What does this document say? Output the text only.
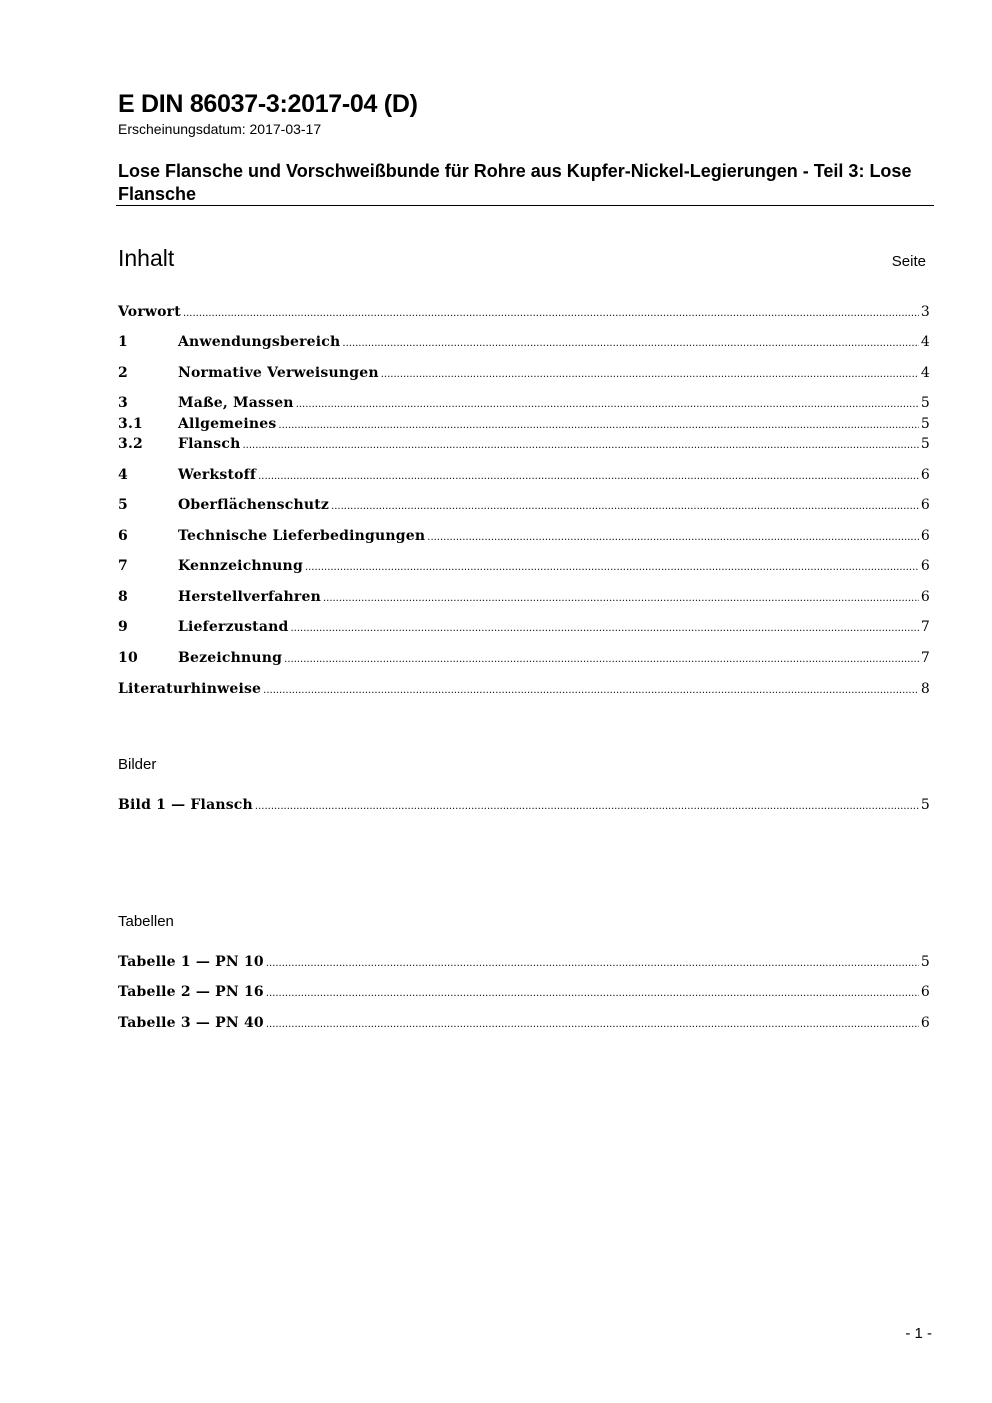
E DIN 86037-3:2017-04 (D)
Erscheinungsdatum: 2017-03-17
Lose Flansche und Vorschweißbunde für Rohre aus Kupfer-Nickel-Legierungen - Teil 3: Lose Flansche
Inhalt	Seite
Vorwort .....	3
1	Anwendungsbereich .....	4
2	Normative Verweisungen .....	4
3	Maße, Massen .....	5
3.1	Allgemeines .....	5
3.2	Flansch .....	5
4	Werkstoff .....	6
5	Oberflächenschutz .....	6
6	Technische Lieferbedingungen .....	6
7	Kennzeichnung .....	6
8	Herstellverfahren .....	6
9	Lieferzustand .....	7
10	Bezeichnung .....	7
Literaturhinweise .....	8
Bilder
Bild 1 — Flansch .....	5
Tabellen
Tabelle 1 — PN 10 .....	5
Tabelle 2 — PN 16 .....	6
Tabelle 3 — PN 40 .....	6
- 1 -
